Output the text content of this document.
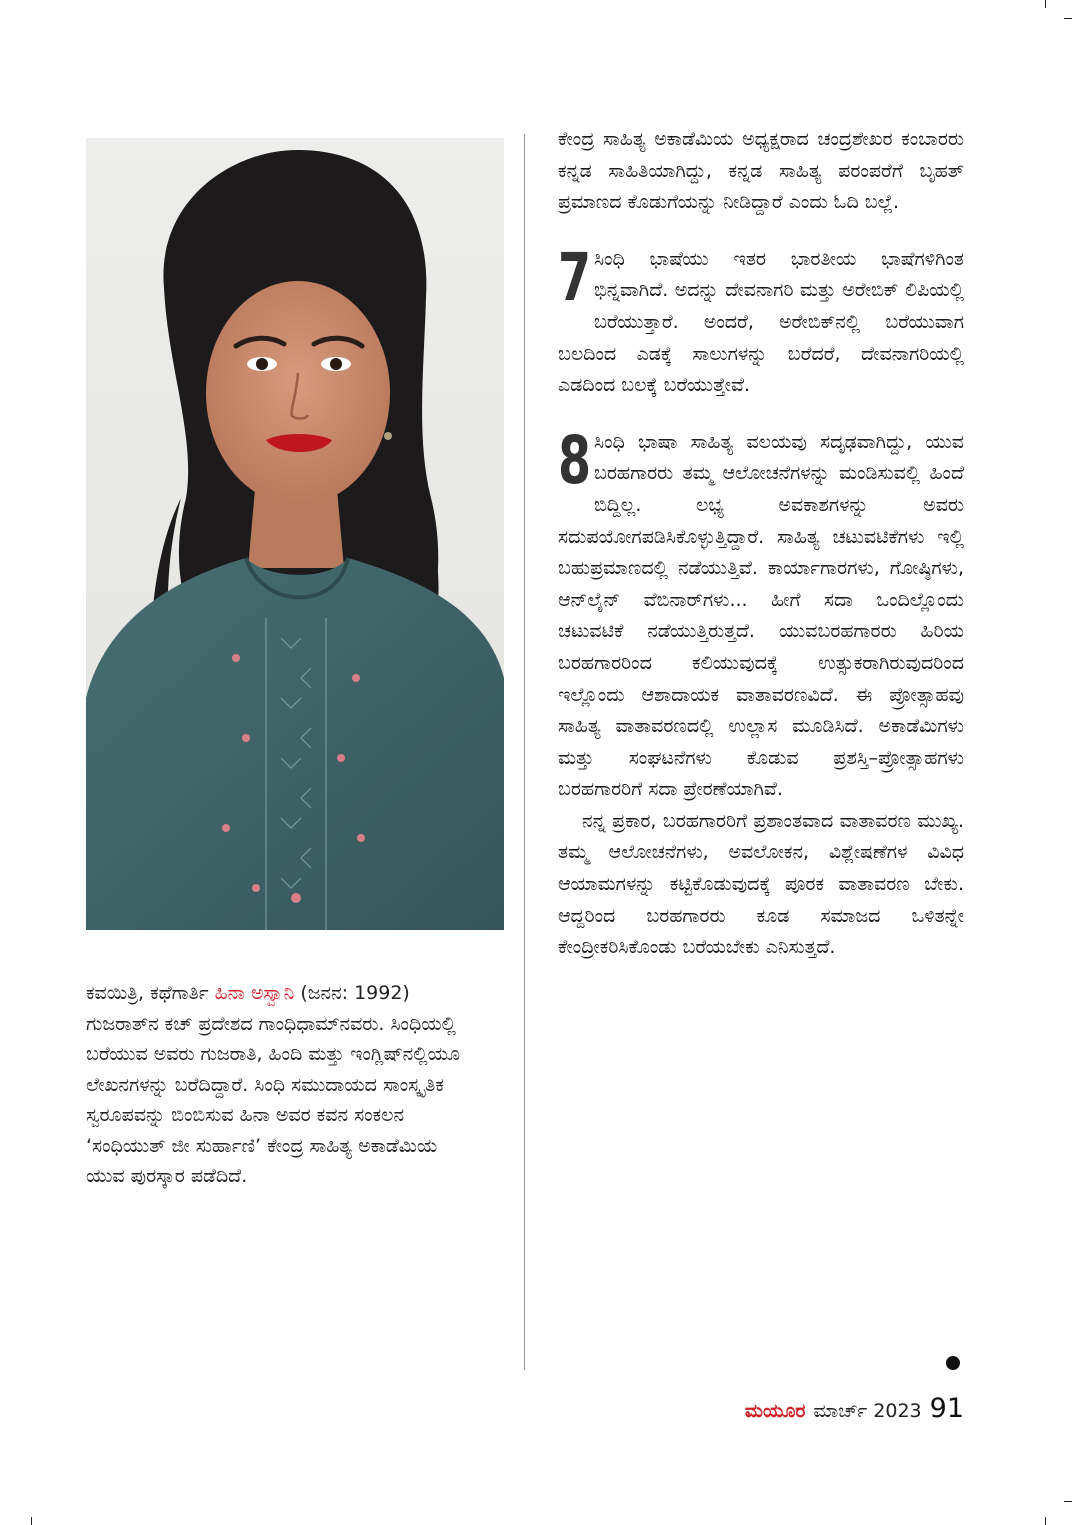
ಕವಯಿತ್ರಿ, ಕಥೆಗಾರ್ತಿ ಹಿನಾ ಅಸ್ವಾನಿ (ಜನನ: 1992) ಗುಜರಾತ್‌ನ ಕಚ್ ಪ್ರದೇಶದ ಗಾಂಧಿಧಾಮ್‌ನವರು. ಸಿಂಧಿಯಲ್ಲಿ ಬರೆಯುವ ಅವರು ಗುಜರಾತಿ, ಹಿಂದಿ ಮತ್ತು ಇಂಗ್ಲಿಷ್‌ನಲ್ಲಿಯೂ ಲೇಖನಗಳನ್ನು ಬರೆದಿದ್ದಾರೆ. ಸಿಂಧಿ ಸಮುದಾಯದ ಸಾಂಸ್ಕೃತಿಕ ಸ್ವರೂಪವನ್ನು ಬಿಂಬಿಸುವ ಹಿನಾ ಅವರ ಕವನ ಸಂಕಲನ ‘ಸಂಧಿಯುತ್ ಜೀ ಸುರ್ಹಾಣಿ’ ಕೇಂದ್ರ ಸಾಹಿತ್ಯ ಅಕಾಡೆಮಿಯ ಯುವ ಪುರಸ್ಕಾರ ಪಡೆದಿದೆ.

ಕೇಂದ್ರ ಸಾಹಿತ್ಯ ಅಕಾಡೆಮಿಯ ಅಧ್ಯಕ್ಷರಾದ ಚಂದ್ರಶೇಖರ ಕಂಬಾರರು ಕನ್ನಡ ಸಾಹಿತಿಯಾಗಿದ್ದು, ಕನ್ನಡ ಸಾಹಿತ್ಯ ಪರಂಪರೆಗೆ ಬೃಹತ್ ಪ್ರಮಾಣದ ಕೊಡುಗೆಯನ್ನು ನೀಡಿದ್ದಾರೆ ಎಂದು ಓದಿ ಬಲ್ಲೆ.

7 ಸಿಂಧಿ ಭಾಷೆಯು ಇತರ ಭಾರತೀಯ ಭಾಷೆಗಳಿಗಿಂತ ಭಿನ್ನವಾಗಿದೆ. ಅದನ್ನು ದೇವನಾಗರಿ ಮತ್ತು ಅರೇಬಿಕ್ ಲಿಪಿಯಲ್ಲಿ ಬರೆಯುತ್ತಾರೆ. ಅಂದರೆ, ಅರೇಬಿಕ್‌ನಲ್ಲಿ ಬರೆಯುವಾಗ ಬಲದಿಂದ ಎಡಕ್ಕೆ ಸಾಲುಗಳನ್ನು ಬರೆದರೆ, ದೇವನಾಗರಿಯಲ್ಲಿ ಎಡದಿಂದ ಬಲಕ್ಕೆ ಬರೆಯುತ್ತೇವೆ.

8 ಸಿಂಧಿ ಭಾಷಾ ಸಾಹಿತ್ಯ ವಲಯವು ಸದೃಢವಾಗಿದ್ದು, ಯುವ ಬರಹಗಾರರು ತಮ್ಮ ಆಲೋಚನೆಗಳನ್ನು ಮಂಡಿಸುವಲ್ಲಿ ಹಿಂದೆ ಬಿದ್ದಿಲ್ಲ. ಲಭ್ಯ ಅವಕಾಶಗಳನ್ನು ಅವರು ಸದುಪಯೋಗಪಡಿಸಿಕೊಳ್ಳುತ್ತಿದ್ದಾರೆ. ಸಾಹಿತ್ಯ ಚಟುವಟಿಕೆಗಳು ಇಲ್ಲಿ ಬಹುಪ್ರಮಾಣದಲ್ಲಿ ನಡೆಯುತ್ತಿವೆ. ಕಾರ್ಯಾಗಾರಗಳು, ಗೋಷ್ಠಿಗಳು, ಆನ್‌ಲೈನ್ ವೆಬಿನಾರ್‌ಗಳು... ಹೀಗೆ ಸದಾ ಒಂದಿಲ್ಲೊಂದು ಚಟುವಟಿಕೆ ನಡೆಯುತ್ತಿರುತ್ತದೆ. ಯುವಬರಹಗಾರರು ಹಿರಿಯ ಬರಹಗಾರರಿಂದ ಕಲಿಯುವುದಕ್ಕೆ ಉತ್ಸುಕರಾಗಿರುವುದರಿಂದ ಇಲ್ಲೊಂದು ಆಶಾದಾಯಕ ವಾತಾವರಣವಿದೆ. ಈ ಪ್ರೋತ್ಸಾಹವು ಸಾಹಿತ್ಯ ವಾತಾವರಣದಲ್ಲಿ ಉಲ್ಲಾಸ ಮೂಡಿಸಿದೆ. ಅಕಾಡೆಮಿಗಳು ಮತ್ತು ಸಂಘಟನೆಗಳು ಕೊಡುವ ಪ್ರಶಸ್ತಿ–ಪ್ರೋತ್ಸಾಹಗಳು ಬರಹಗಾರರಿಗೆ ಸದಾ ಪ್ರೇರಣೆಯಾಗಿವೆ.

ನನ್ನ ಪ್ರಕಾರ, ಬರಹಗಾರರಿಗೆ ಪ್ರಶಾಂತವಾದ ವಾತಾವರಣ ಮುಖ್ಯ. ತಮ್ಮ ಆಲೋಚನೆಗಳು, ಅವಲೋಕನ, ವಿಶ್ಲೇಷಣೆಗಳ ವಿವಿಧ ಆಯಾಮಗಳನ್ನು ಕಟ್ಟಿಕೊಡುವುದಕ್ಕೆ ಪೂರಕ ವಾತಾವರಣ ಬೇಕು. ಆದ್ದರಿಂದ ಬರಹಗಾರರು ಕೂಡ ಸಮಾಜದ ಒಳಿತನ್ನೇ ಕೇಂದ್ರೀಕರಿಸಿಕೊಂಡು ಬರೆಯಬೇಕು ಎನಿಸುತ್ತದೆ.

ಮಯೂರ ಮಾರ್ಚ್ 2023 91
